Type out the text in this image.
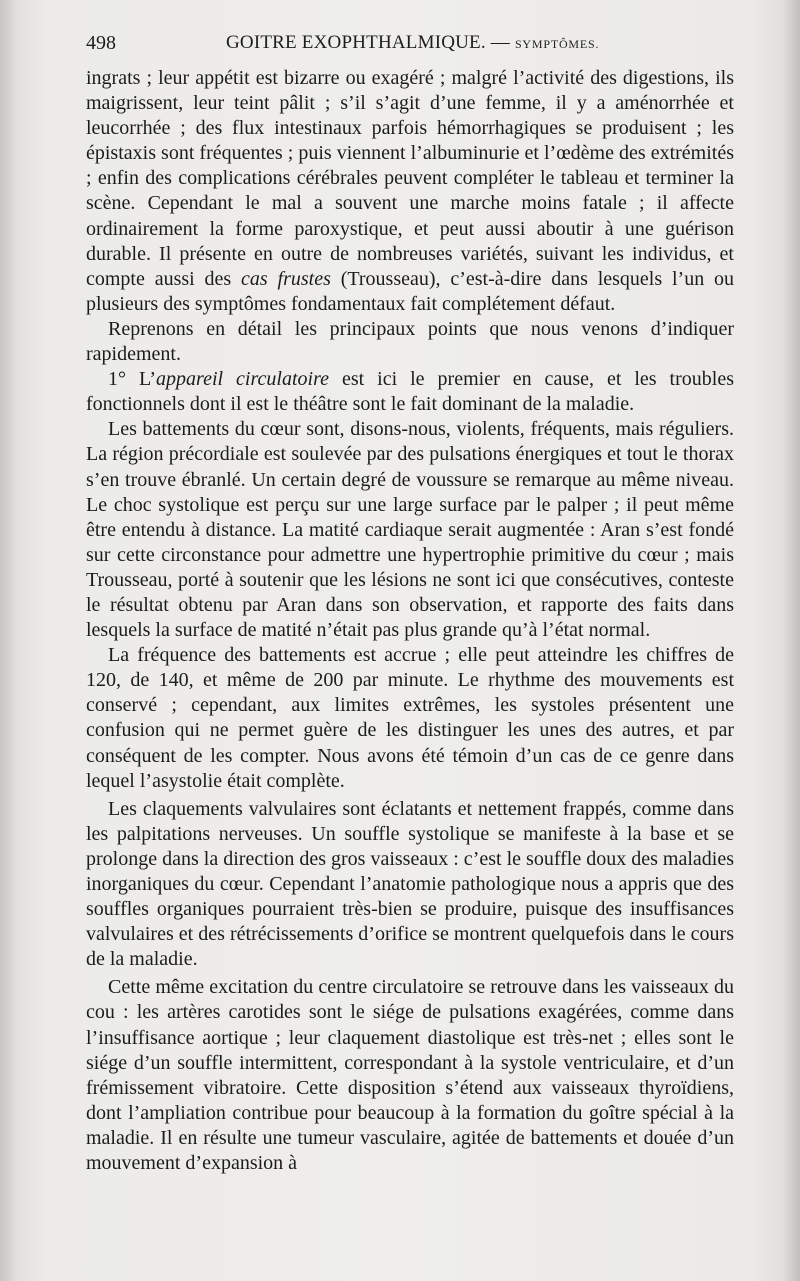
498	GOITRE EXOPHTHALMIQUE. — SYMPTÔMES.

ingrats ; leur appétit est bizarre ou exagéré ; malgré l’activité des digestions, ils maigrissent, leur teint pâlit ; s’il s’agit d’une femme, il y a aménorrhée et leucorrhée ; des flux intestinaux parfois hémorrhagiques se produisent ; les épistaxis sont fréquentes ; puis viennent l’albuminurie et l’œdème des extrémités ; enfin des complications cérébrales peuvent compléter le tableau et terminer la scène. Cependant le mal a souvent une marche moins fatale ; il affecte ordinairement la forme paroxystique, et peut aussi aboutir à une guérison durable. Il présente en outre de nombreuses variétés, suivant les individus, et compte aussi des cas frustes (Trousseau), c’est-à-dire dans lesquels l’un ou plusieurs des symptômes fondamentaux fait complétement défaut.

Reprenons en détail les principaux points que nous venons d’indiquer rapidement.

1° L’appareil circulatoire est ici le premier en cause, et les troubles fonctionnels dont il est le théâtre sont le fait dominant de la maladie.

Les battements du cœur sont, disons-nous, violents, fréquents, mais réguliers. La région précordiale est soulevée par des pulsations énergiques et tout le thorax s’en trouve ébranlé. Un certain degré de voussure se remarque au même niveau. Le choc systolique est perçu sur une large surface par le palper ; il peut même être entendu à distance. La matité cardiaque serait augmentée : Aran s’est fondé sur cette circonstance pour admettre une hypertrophie primitive du cœur ; mais Trousseau, porté à soutenir que les lésions ne sont ici que consécutives, conteste le résultat obtenu par Aran dans son observation, et rapporte des faits dans lesquels la surface de matité n’était pas plus grande qu’à l’état normal.

La fréquence des battements est accrue ; elle peut atteindre les chiffres de 120, de 140, et même de 200 par minute. Le rhythme des mouvements est conservé ; cependant, aux limites extrêmes, les systoles présentent une confusion qui ne permet guère de les distinguer les unes des autres, et par conséquent de les compter. Nous avons été témoin d’un cas de ce genre dans lequel l’asystolie était complète.

Les claquements valvulaires sont éclatants et nettement frappés, comme dans les palpitations nerveuses. Un souffle systolique se manifeste à la base et se prolonge dans la direction des gros vaisseaux : c’est le souffle doux des maladies inorganiques du cœur. Cependant l’anatomie pathologique nous a appris que des souffles organiques pourraient très-bien se produire, puisque des insuffisances valvulaires et des rétrécissements d’orifice se montrent quelquefois dans le cours de la maladie.

Cette même excitation du centre circulatoire se retrouve dans les vaisseaux du cou : les artères carotides sont le siége de pulsations exagérées, comme dans l’insuffisance aortique ; leur claquement diastolique est très-net ; elles sont le siége d’un souffle intermittent, correspondant à la systole ventriculaire, et d’un frémissement vibratoire. Cette disposition s’étend aux vaisseaux thyroïdiens, dont l’ampliation contribue pour beaucoup à la formation du goître spécial à la maladie. Il en résulte une tumeur vasculaire, agitée de battements et douée d’un mouvement d’expansion à
